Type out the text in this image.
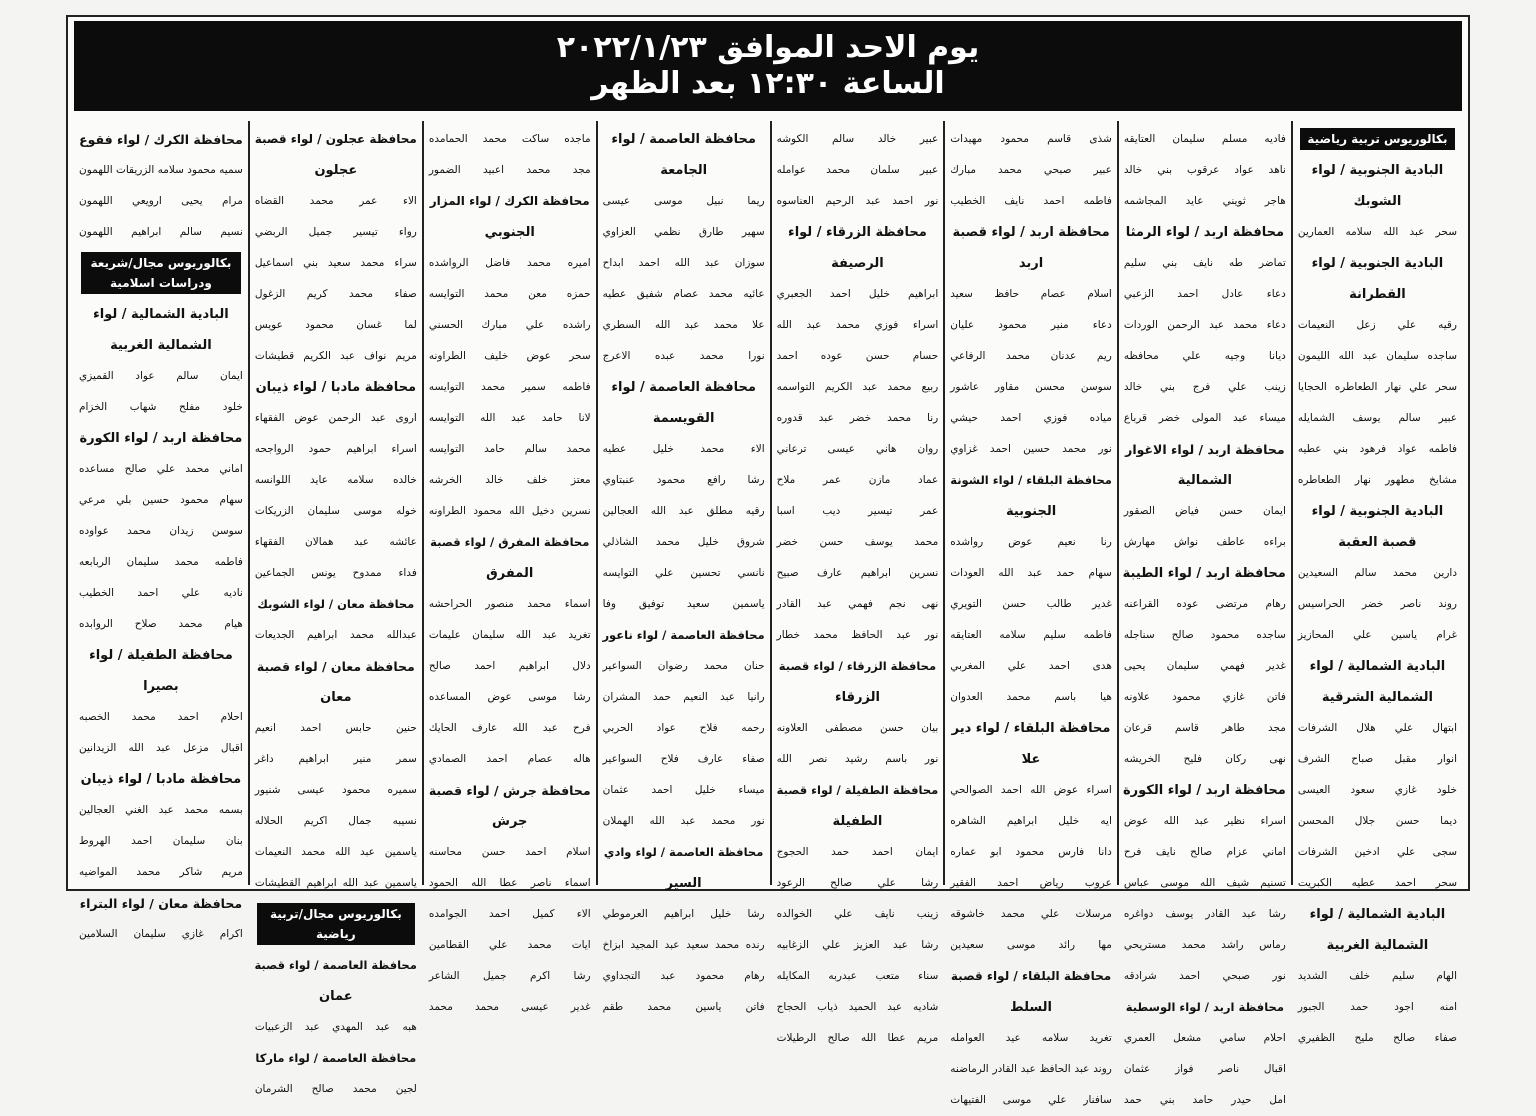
يوم الاحد الموافق ٢٠٢٢/١/٢٣
الساعة ١٢:٣٠ بعد الظهر
بكالوريوس تربية رياضية
البادية الجنوبية / لواء
الشوبك
سحر عبد الله سلامه العمارين
البادية الجنوبية / لواء
القطرانة
رقيه علي زعل النعيمات
ساجده سليمان عبد الله الليمون
سحر علي نهار الطعاطره الحجايا
عبير سالم يوسف الشمايله
فاطمه عواد فرهود بني عطيه
مشايخ مطهور نهار الطعاطره
البادية الجنوبية / لواء
قصبة العقبة
دارين محمد سالم السعيدين
روند ناصر خضر الحراسيس
غرام ياسين علي المحازيز
البادية الشمالية / لواء
الشمالية الشرقية
ابتهال علي هلال الشرفات
انوار مقبل صباح الشرف
خلود غازي سعود العيسى
ديما حسن جلال المحسن
سجى علي ادخين الشرفات
سحر احمد عطيه الكبريت
البادية الشمالية / لواء
الشمالية الغربية
الهام سليم خلف الشديد
امنه اجود حمد الجبور
صفاء صالح مليح الظفيري
فاديه مسلم سليمان العتايقه
ناهد عواد عرقوب بني خالد
هاجر ثويني عايد المجاشمه
محافظة اربد / لواء الرمثا
تماضر طه نايف بني سليم
دعاء عادل احمد الزعبي
دعاء محمد عبد الرحمن الوردات
ديانا وجيه علي محافظه
زينب علي فرج بني خالد
ميساء عبد المولى خضر قرباع
محافظة اربد / لواء الاغوار
الشمالية
ايمان حسن فياض الصقور
براءه عاطف نواش مهارش
محافظة اربد / لواء الطيبة
رهام مرتضى عوده القراعنه
ساجده محمود صالح سناجله
غدير فهمي سليمان يحيى
فاتن غازي محمود علاونه
مجد طاهر قاسم قرعان
نهى ركان فليح الخريشه
محافظة اربد / لواء الكورة
اسراء نظير عبد الله عوض
اماني عزام صالح نايف فرح
تسنيم شيف الله موسى عباس
رشا عبد القادر يوسف دواغره
رماس راشد محمد مستريحي
نور صبحي احمد شرادقه
محافظة اربد / لواء الوسطية
احلام سامي مشعل العمري
اقبال ناصر فواز عثمان
امل حيدر حامد بني حمد
شذى قاسم محمود مهيدات
عبير صبحي محمد مبارك
فاطمه احمد نايف الخطيب
محافظة اربد / لواء قصبة
اربد
اسلام عصام حافظ سعيد
دعاء منير محمود عليان
ريم عدنان محمد الرفاعي
سوسن محسن مقاور عاشور
مياده فوزي احمد حيشي
نور محمد حسين احمد غزاوي
محافظة البلقاء / لواء الشونة
الجنوبية
رنا نعيم عوض رواشده
سهام حمد عبد الله العودات
غدير طالب حسن التويري
فاطمه سليم سلامه العتايقه
هدى احمد علي المغربي
هيا باسم محمد العدوان
محافظة البلقاء / لواء دير
علا
اسراء عوض الله احمد الصوالحي
ايه خليل ابراهيم الشاهره
دانا فارس محمود ابو عماره
عروب رياض احمد الفقير
مرسلات علي محمد خاشوقه
مها رائد موسى سعيدين
محافظة البلقاء / لواء قصبة
السلط
تغريد سلامه عيد العوامله
روند عبد الحافظ عبد القادر الرماضنه
سافنار علي موسى الفتيهات
عبير خالد سالم الكوشه
عبير سلمان محمد عوامله
نور احمد عبد الرحيم العناسوه
محافظة الزرقاء / لواء
الرصيفة
ابراهيم خليل احمد الجعبري
اسراء فوزي محمد عبد الله
حسام حسن عوده احمد
ربيع محمد عبد الكريم التواسمه
رنا محمد خضر عبد قدوره
روان هاني عيسى ترعاني
عماد مازن عمر ملاح
عمر تيسير ديب اسبا
محمد يوسف حسن خضر
نسرين ابراهيم عارف صبيح
نهى نجم فهمي عبد القادر
نور عبد الحافظ محمد خطار
محافظة الزرقاء / لواء قصبة
الزرقاء
بيان حسن مصطفى العلاونه
نور باسم رشيد نصر الله
محافظة الطفيلة / لواء قصبة
الطفيلة
ايمان احمد حمد الحجوج
رشا علي صالح الرعود
زينب نايف علي الخوالده
رشا عبد العزيز علي الزغابيه
سناء متعب عبدربه المكايله
شاديه عبد الحميد ذياب الحجاج
مريم عطا الله صالح الرطيلات
محافظة العاصمة / لواء
الجامعة
ريما نبيل موسى عيسى
سهير طارق نظمي العزاوي
سوزان عبد الله احمد ابداح
عائيه محمد عصام شفيق عطيه
علا محمد عبد الله السطري
نورا محمد عبده الاعرج
محافظة العاصمة / لواء
القويسمة
الاء محمد خليل عطيه
رشا رافع محمود عنبتاوي
رقيه مطلق عبد الله العجالين
شروق خليل محمد الشاذلي
نانسي تحسين علي التوايسه
ياسمين سعيد توفيق وفا
محافظة العاصمة / لواء ناعور
حنان محمد رضوان السواعير
رانيا عبد النعيم حمد المشران
رحمه فلاح عواد الحربي
صفاء عارف فلاح السواعير
ميساء خليل احمد عثمان
نور محمد عبد الله الهملان
محافظة العاصمة / لواء وادي
السير
رشا خليل ابراهيم العرموطي
رنده محمد سعيد عبد المجيد ابزاخ
رهام محمود عبد التجداوي
فاتن ياسين محمد طقم
ماجده ساكت محمد الحمامده
مجد محمد اعبيد الضمور
محافظة الكرك / لواء المزار
الجنوبي
اميره محمد فاضل الرواشده
حمزه معن محمد التوايسه
راشده علي مبارك الحسني
سحر عوض خليف الطراونه
فاطمه سمير محمد التوايسه
لانا حامد عبد الله التوايسه
محمد سالم حامد التوايسه
معتز خلف خالد الخرشه
نسرين دخيل الله محمود الطراونه
محافظة المفرق / لواء قصبة
المفرق
اسماء محمد منصور الحراحشه
تغريد عبد الله سليمان عليمات
دلال ابراهيم احمد صالح
رشا موسى عوض المساعده
فرح عبد الله عارف الحايك
هاله عصام احمد الصمادي
محافظة جرش / لواء قصبة
جرش
اسلام احمد حسن محاسنه
اسماء ناصر عطا الله الحمود
الاء كميل احمد الجوامده
ايات محمد علي القطامين
رشا اكرم جميل الشاعر
غدير عيسى محمد محمد
محافظة عجلون / لواء قصبة
عجلون
الاء عمر محمد القضاه
رواء تيسير جميل الربضي
سراء محمد سعيد بني اسماعيل
صفاء محمد كريم الزغول
لما غسان محمود عويس
مريم نواف عبد الكريم قطيشات
محافظة مادبا / لواء ذيبان
اروى عبد الرحمن عوض الفقهاء
اسراء ابراهيم حمود الرواجحه
خالده سلامه عايد اللوانسه
خوله موسى سليمان الزريكات
عائشه عبد همالان الفقهاء
فداء ممدوح يونس الجماعين
محافظة معان / لواء الشوبك
عبدالله محمد ابراهيم الجديعات
محافظة معان / لواء قصبة
معان
حنين حابس احمد انعيم
سمر منير ابراهيم داغر
سميره محمود عيسى شنيور
نسيبه جمال اكريم الحلاله
ياسمين عبد الله محمد النعيمات
ياسمين عبد الله ابراهيم القطيشات
بكالوريوس مجال/تربية رياضية
محافظة العاصمة / لواء قصبة
عمان
هبه عبد المهدي عبد الزعبيات
محافظة العاصمة / لواء ماركا
لجين محمد صالح الشرمان
محافظة الكرك / لواء فقوع
سميه محمود سلامه الزريقات اللهمون
مرام يحيى ارويعي اللهمون
نسيم سالم ابراهيم اللهمون
بكالوريوس مجال/شريعة ودراسات اسلامية
البادية الشمالية / لواء
الشمالية الغربية
ايمان سالم عواد القميزي
خلود مفلح شهاب الخزام
محافظة اربد / لواء الكورة
اماني محمد علي صالح مساعده
سهام محمود حسين بلي مرعي
سوسن زيدان محمد عواوده
فاطمه محمد سليمان الربابعه
ناديه علي احمد الخطيب
هيام محمد صلاح الروابده
محافظة الطفيلة / لواء
بصيرا
احلام احمد محمد الخصبه
اقبال مزعل عبد الله الزيدانين
محافظة مادبا / لواء ذيبان
بسمه محمد عبد الغني العجالين
بنان سليمان احمد الهروط
مريم شاكر محمد المواضيه
محافظة معان / لواء البتراء
اكرام غازي سليمان السلامين
